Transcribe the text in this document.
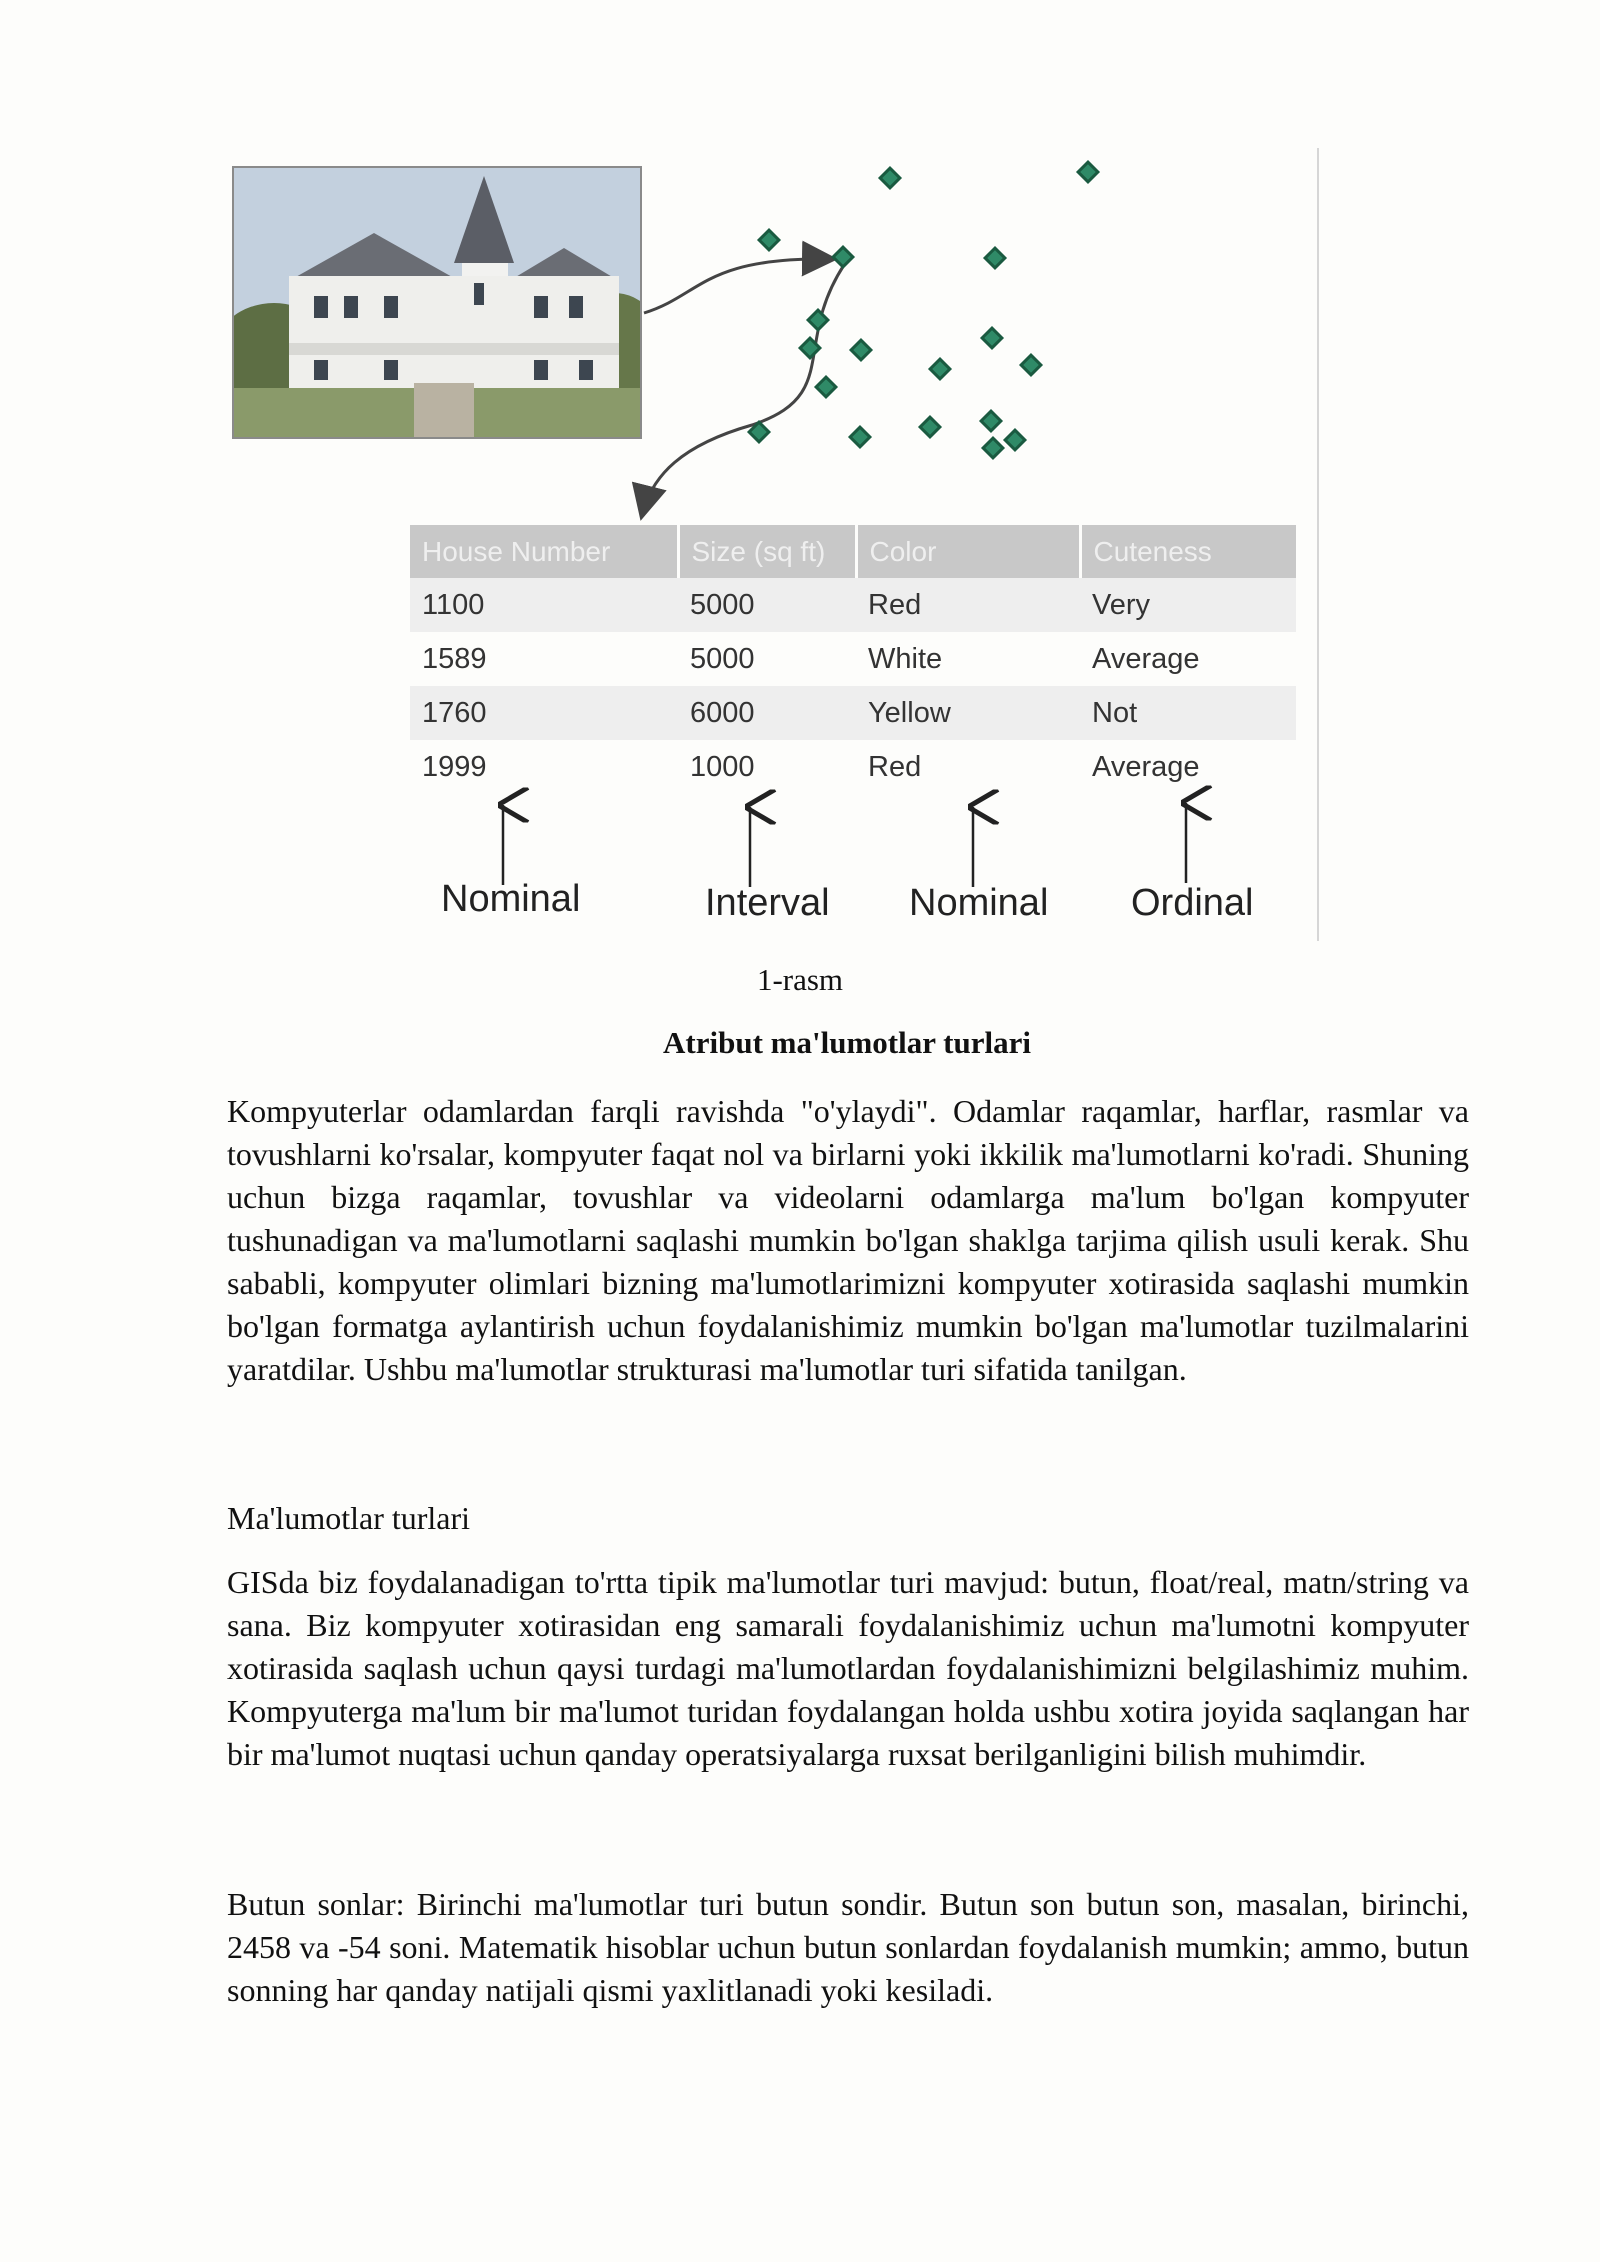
House Number	Size (sq ft)	Color	Cuteness
1100	5000	Red	Very
1589	5000	White	Average
1760	6000	Yellow	Not
1999	1000	Red	Average
Nominal	Interval Nominal Ordinal
1-rasm
Atribut ma'lumotlar turlari

Kompyuterlar odamlardan farqli ravishda "o'ylaydi". Odamlar raqamlar, harflar, rasmlar va tovushlarni ko'rsalar, kompyuter faqat nol va birlarni yoki ikkilik ma'lumotlarni ko'radi. Shuning uchun bizga raqamlar, tovushlar va videolarni odamlarga ma'lum bo'lgan kompyuter tushunadigan va ma'lumotlarni saqlashi mumkin bo'lgan shaklga tarjima qilish usuli kerak. Shu sababli, kompyuter olimlari bizning ma'lumotlarimizni kompyuter xotirasida saqlashi mumkin bo'lgan formatga aylantirish uchun foydalanishimiz mumkin bo'lgan ma'lumotlar tuzilmalarini yaratdilar. Ushbu ma'lumotlar strukturasi ma'lumotlar turi sifatida tanilgan.

Ma'lumotlar turlari

GISda biz foydalanadigan to'rtta tipik ma'lumotlar turi mavjud: butun, float/real, matn/string va sana. Biz kompyuter xotirasidan eng samarali foydalanishimiz uchun ma'lumotni kompyuter xotirasida saqlash uchun qaysi turdagi ma'lumotlardan foydalanishimizni belgilashimiz muhim. Kompyuterga ma'lum bir ma'lumot turidan foydalangan holda ushbu xotira joyida saqlangan har bir ma'lumot nuqtasi uchun qanday operatsiyalarga ruxsat berilganligini bilish muhimdir.

Butun sonlar: Birinchi ma'lumotlar turi butun sondir. Butun son butun son, masalan, birinchi, 2458 va -54 soni. Matematik hisoblar uchun butun sonlardan foydalanish mumkin; ammo, butun sonning har qanday natijali qismi yaxlitlanadi yoki kesiladi.
